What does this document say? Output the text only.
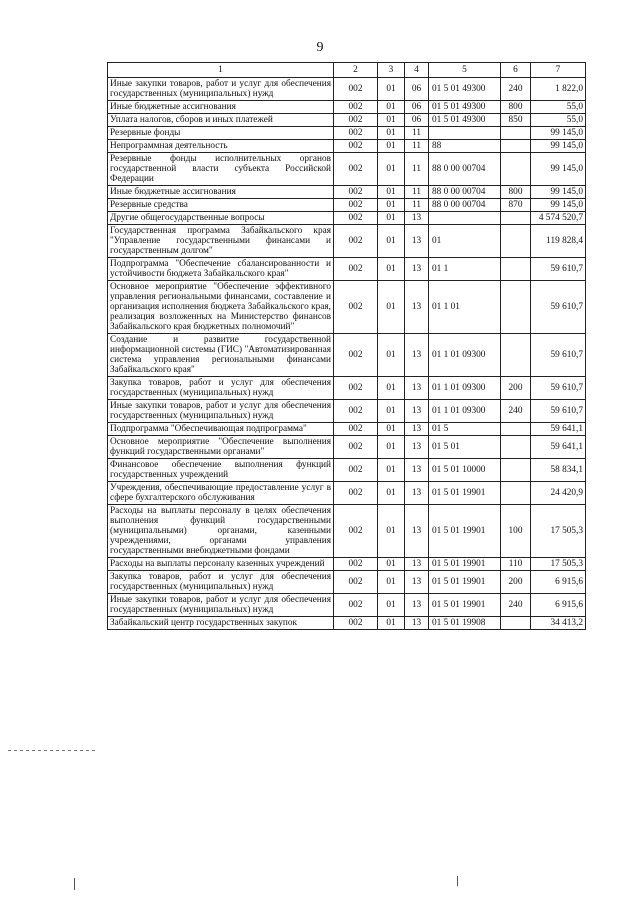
9
1	2	3	4	5	6	7
Иные закупки товаров, работ и услуг для обеспечения государственных (муниципальных) нужд	002	01	06	01 5 01 49300	240	1 822,0
Иные бюджетные ассигнования	002	01	06	01 5 01 49300	800	55,0
Уплата налогов, сборов и иных платежей	002	01	06	01 5 01 49300	850	55,0
Резервные фонды	002	01	11			99 145,0
Непрограммная деятельность	002	01	11	88		99 145,0
Резервные фонды исполнительных органов государственной власти субъекта Российской Федерации	002	01	11	88 0 00 00704		99 145,0
Иные бюджетные ассигнования	002	01	11	88 0 00 00704	800	99 145,0
Резервные средства	002	01	11	88 0 00 00704	870	99 145,0
Другие общегосударственные вопросы	002	01	13			4 574 520,7
Государственная программа Забайкальского края "Управление государственными финансами и государственным долгом"	002	01	13	01		119 828,4
Подпрограмма "Обеспечение сбалансированности и устойчивости бюджета Забайкальского края"	002	01	13	01 1		59 610,7
Основное мероприятие "Обеспечение эффективного управления региональными финансами, составление и организация исполнения бюджета Забайкальского края, реализация возложенных на Министерство финансов Забайкальского края бюджетных полномочий"	002	01	13	01 1 01		59 610,7
Создание и развитие государственной информационной системы (ГИС) "Автоматизированная система управления региональными финансами Забайкальского края"	002	01	13	01 1 01 09300		59 610,7
Закупка товаров, работ и услуг для обеспечения государственных (муниципальных) нужд	002	01	13	01 1 01 09300	200	59 610,7
Иные закупки товаров, работ и услуг для обеспечения государственных (муниципальных) нужд	002	01	13	01 1 01 09300	240	59 610,7
Подпрограмма "Обеспечивающая подпрограмма"	002	01	13	01 5		59 641,1
Основное мероприятие "Обеспечение выполнения функций государственными органами"	002	01	13	01 5 01		59 641,1
Финансовое обеспечение выполнения функций государственных учреждений	002	01	13	01 5 01 10000		58 834,1
Учреждения, обеспечивающие предоставление услуг в сфере бухгалтерского обслуживания	002	01	13	01 5 01 19901		24 420,9
Расходы на выплаты персоналу в целях обеспечения выполнения функций государственными (муниципальными) органами, казенными учреждениями, органами управления государственными внебюджетными фондами	002	01	13	01 5 01 19901	100	17 505,3
Расходы на выплаты персоналу казенных учреждений	002	01	13	01 5 01 19901	110	17 505,3
Закупка товаров, работ и услуг для обеспечения государственных (муниципальных) нужд	002	01	13	01 5 01 19901	200	6 915,6
Иные закупки товаров, работ и услуг для обеспечения государственных (муниципальных) нужд	002	01	13	01 5 01 19901	240	6 915,6
Забайкальский центр государственных закупок	002	01	13	01 5 01 19908		34 413,2
